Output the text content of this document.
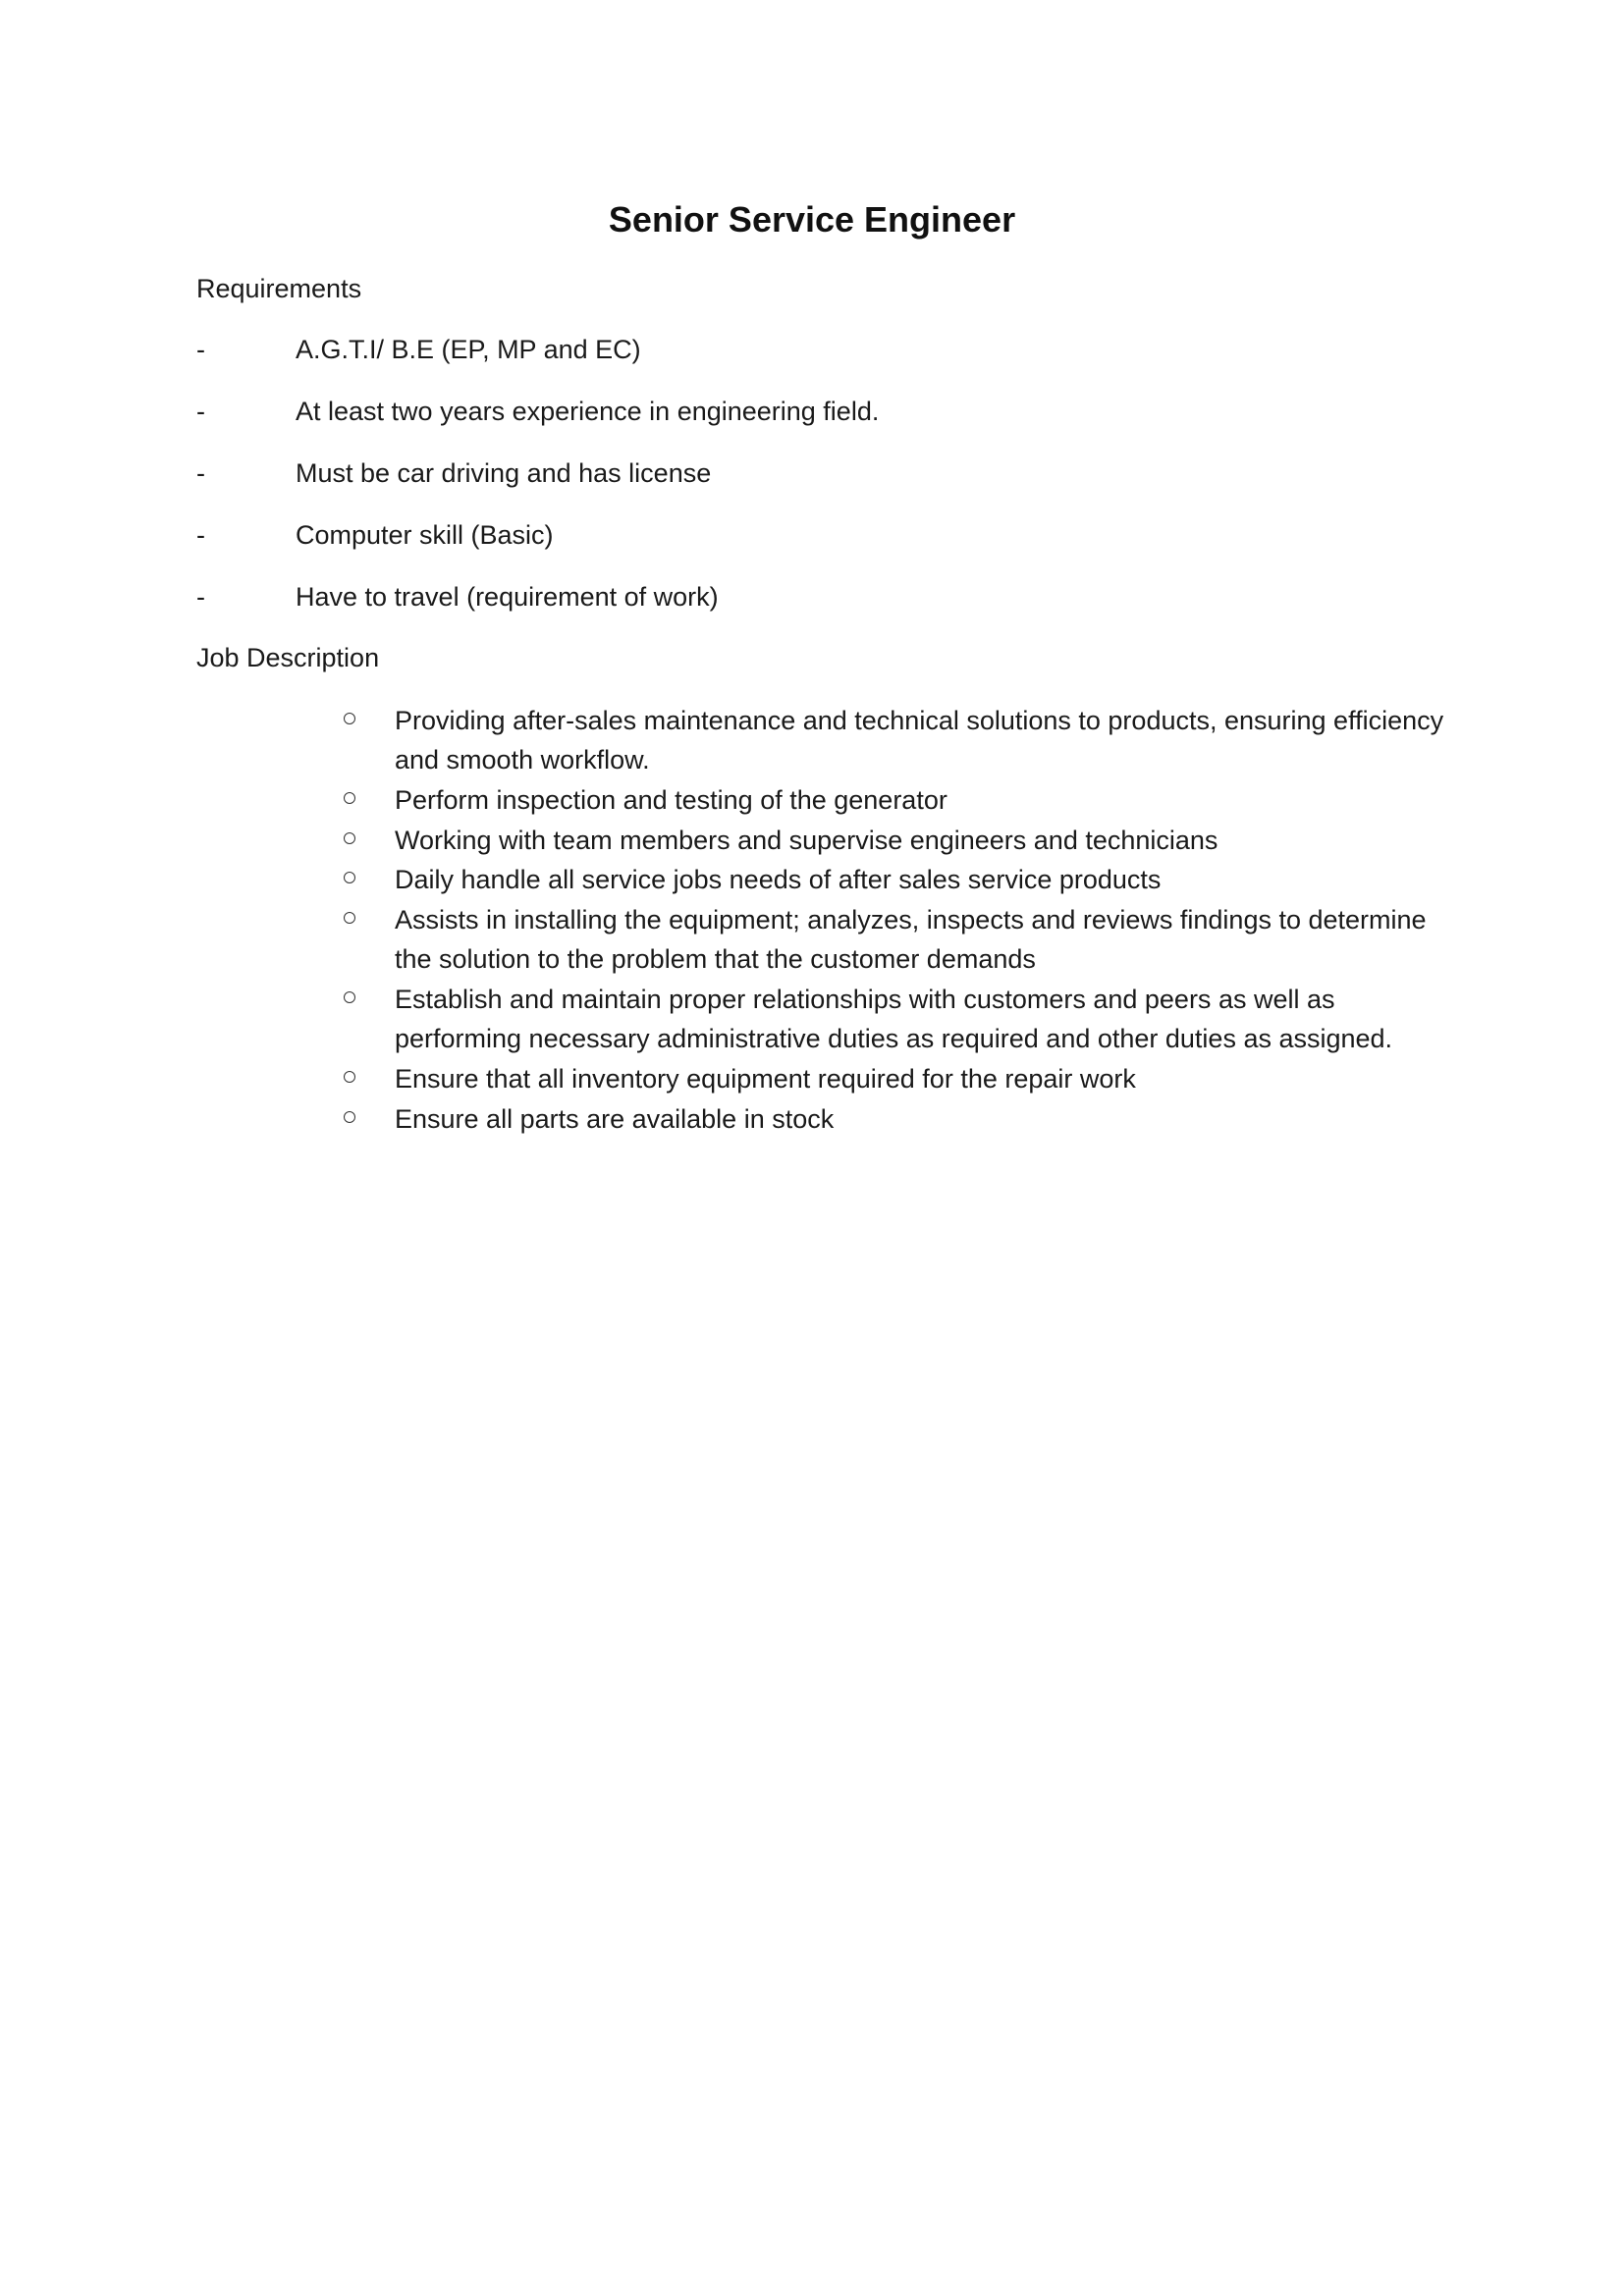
Senior Service Engineer
Requirements
-	A.G.T.I/ B.E (EP, MP and EC)
-	At least two years experience in engineering field.
-	Must be car driving and has license
-	Computer skill (Basic)
-	Have to travel (requirement of work)
Job Description
Providing after-sales maintenance and technical solutions to products, ensuring efficiency and smooth workflow.
Perform inspection and testing of the generator
Working with team members and supervise engineers and technicians
Daily handle all service jobs needs of after sales service products
Assists in installing the equipment; analyzes, inspects and reviews findings to determine the solution to the problem that the customer demands
Establish and maintain proper relationships with customers and peers as well as performing necessary administrative duties as required and other duties as assigned.
Ensure that all inventory equipment required for the repair work
Ensure all parts are available in stock
